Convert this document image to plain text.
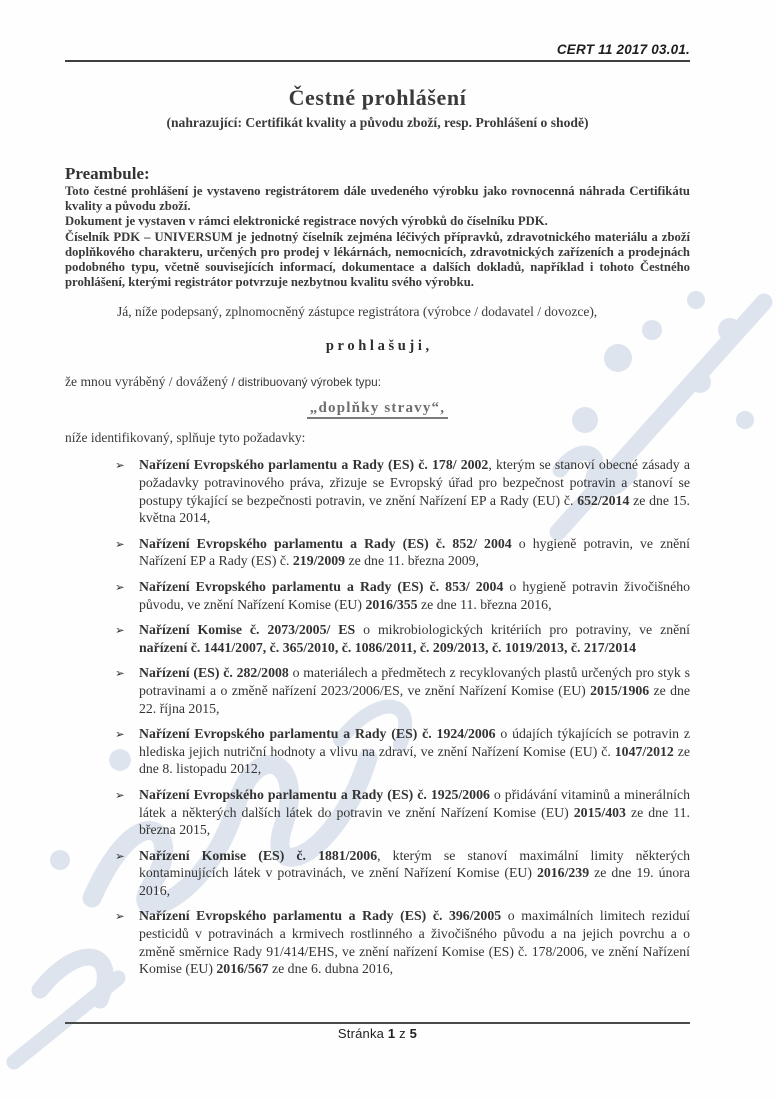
CERT 11 2017 03.01.
Čestné prohlášení
(nahrazující: Certifikát kvality a původu zboží, resp. Prohlášení o shodě)
Preambule:

Toto čestné prohlášení je vystaveno registrátorem dále uvedeného výrobku jako rovnocenná náhrada Certifikátu kvality a původu zboží.

Dokument je vystaven v rámci elektronické registrace nových výrobků do číselníku PDK.

Číselník PDK – UNIVERSUM je jednotný číselník zejména léčivých přípravků, zdravotnického materiálu a zboží doplňkového charakteru, určených pro prodej v lékárnách, nemocnicích, zdravotnických zařízeních a prodejnách podobného typu, včetně souvisejících informací, dokumentace a dalších dokladů, například i tohoto Čestného prohlášení, kterými registrátor potvrzuje nezbytnou kvalitu svého výrobku.

Já, níže podepsaný, zplnomocněný zástupce registrátora (výrobce / dodavatel / dovozce),
p r o h l a š u j i ,
že mnou vyráběný / dovážený / distribuovaný výrobek typu:
„doplňky stravy“,
níže identifikovaný, splňuje tyto požadavky:
➢	Nařízení Evropského parlamentu a Rady (ES) č. 178/ 2002, kterým se stanoví obecné zásady a požadavky potravinového práva, zřizuje se Evropský úřad pro bezpečnost potravin a stanoví se postupy týkající se bezpečnosti potravin, ve znění Nařízení EP a Rady (EU) č. 652/2014 ze dne 15. května 2014,
➢	Nařízení Evropského parlamentu a Rady (ES) č. 852/ 2004 o hygieně potravin, ve znění Nařízení EP a Rady (ES) č. 219/2009 ze dne 11. března 2009,
➢	Nařízení Evropského parlamentu a Rady (ES) č. 853/ 2004 o hygieně potravin živočišného původu, ve znění Nařízení Komise (EU) 2016/355 ze dne 11. března 2016,
➢	Nařízení Komise č. 2073/2005/ ES o mikrobiologických kritériích pro potraviny, ve znění nařízení č. 1441/2007, č. 365/2010, č. 1086/2011, č. 209/2013, č. 1019/2013, č. 217/2014
➢	Nařízení (ES) č. 282/2008 o materiálech a předmětech z recyklovaných plastů určených pro styk s potravinami a o změně nařízení 2023/2006/ES, ve znění Nařízení Komise (EU) 2015/1906 ze dne 22. října 2015,
➢	Nařízení Evropského parlamentu a Rady (ES) č. 1924/2006 o údajích týkajících se potravin z hlediska jejich nutriční hodnoty a vlivu na zdraví, ve znění Nařízení Komise (EU) č. 1047/2012 ze dne 8. listopadu 2012,
➢	Nařízení Evropského parlamentu a Rady (ES) č. 1925/2006 o přidávání vitaminů a minerálních látek a některých dalších látek do potravin ve znění Nařízení Komise (EU) 2015/403 ze dne 11. března 2015,
➢	Nařízení Komise (ES) č. 1881/2006, kterým se stanoví maximální limity některých kontaminujících látek v potravinách, ve znění Nařízení Komise (EU) 2016/239 ze dne 19. února 2016,
➢	Nařízení Evropského parlamentu a Rady (ES) č. 396/2005 o maximálních limitech reziduí pesticidů v potravinách a krmivech rostlinného a živočišného původu a na jejich povrchu a o změně směrnice Rady 91/414/EHS, ve znění nařízení Komise (ES) č. 178/2006, ve znění Nařízení Komise (EU) 2016/567 ze dne 6. dubna 2016,
Stránka 1 z 5
